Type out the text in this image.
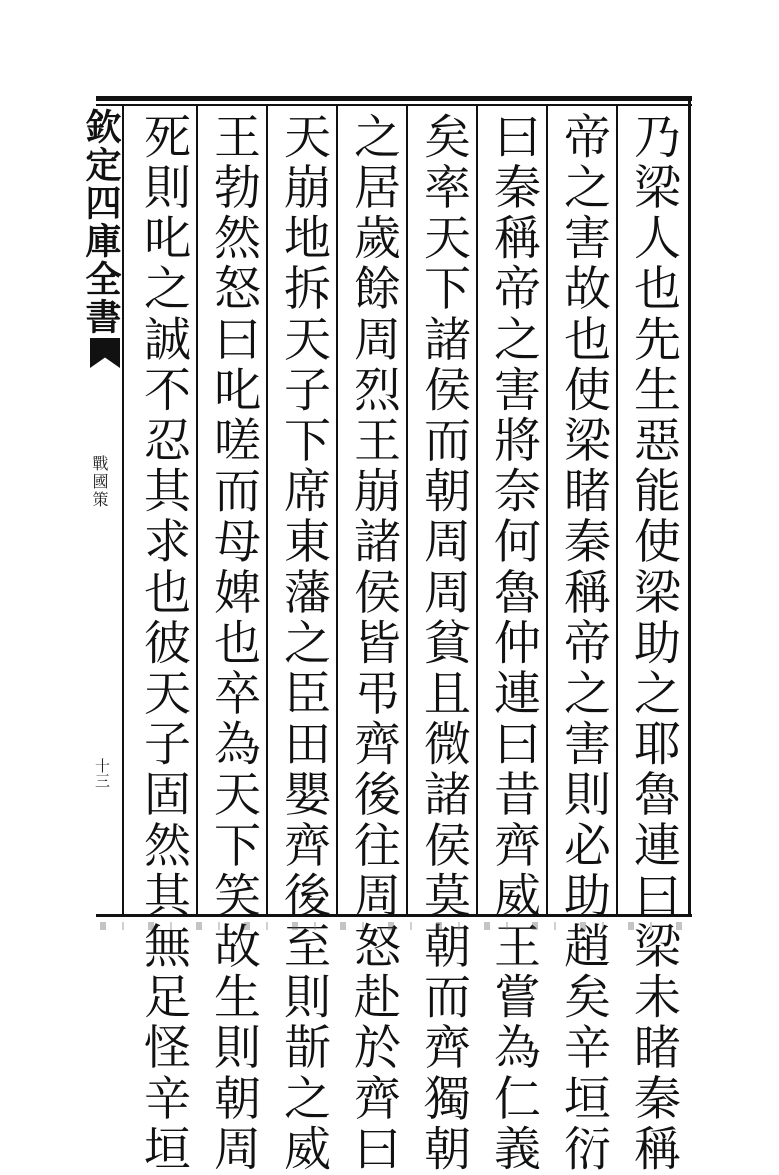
欽定四庫全書
戰國策
十三	乃梁人也先生惡能使梁助之耶魯連曰梁未睹秦稱
帝之害故也使梁睹秦稱帝之害則必助趙矣辛垣衍
曰秦稱帝之害將奈何魯仲連曰昔齊威王嘗為仁義
矣率天下諸侯而朝周周貧且微諸侯莫朝而齊獨朝
之居歲餘周烈王崩諸侯皆弔齊後往周怒赴於齊曰
天崩地拆天子下席東藩之臣田嬰齊後至則斮之威
王勃然怒曰叱嗟而母婢也卒為天下笑故生則朝周
死則叱之誠不忍其求也彼天子固然其無足怪辛垣
